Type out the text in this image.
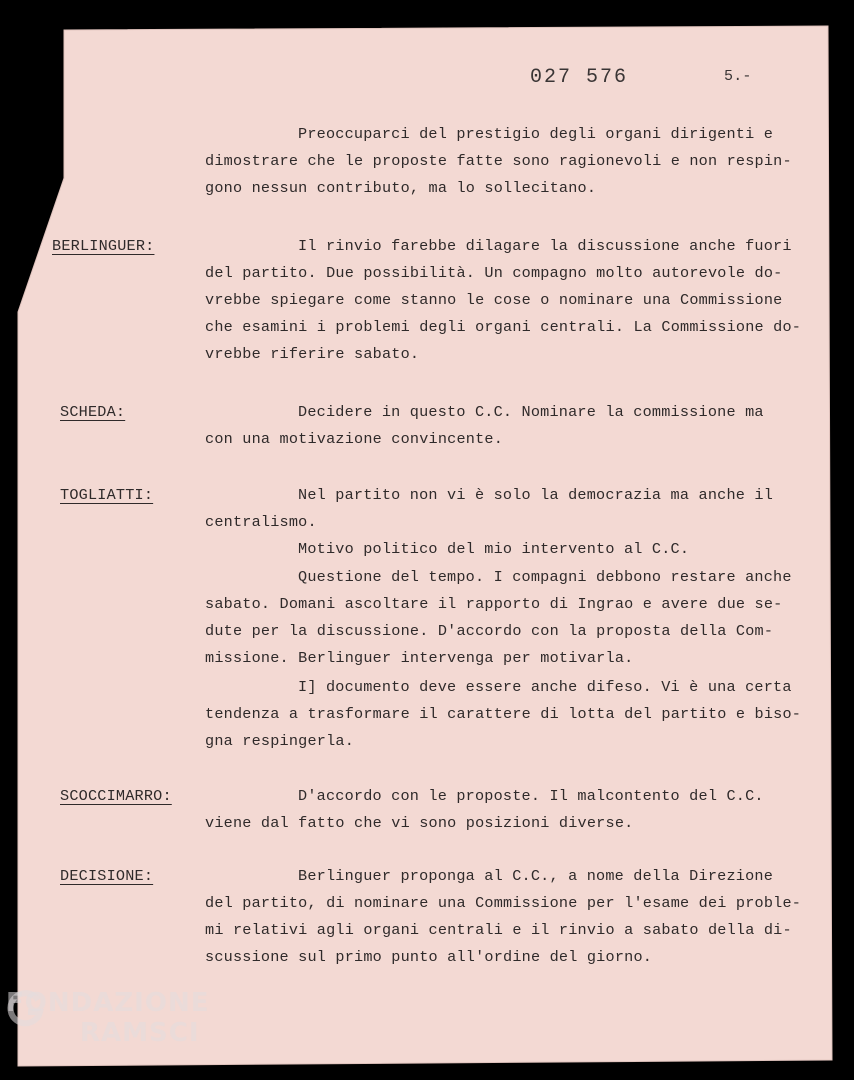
027 576	5.-
Preoccuparci del prestigio degli organi dirigenti e
dimostrare che le proposte fatte sono ragionevoli e non respin-
gono nessun contributo, ma lo sollecitano.
BERLINGUER:	Il rinvio farebbe dilagare la discussione anche fuori
del partito. Due possibilità. Un compagno molto autorevole do-
vrebbe spiegare come stanno le cose o nominare una Commissione
che esamini i problemi degli organi centrali. La Commissione do-
vrebbe riferire sabato.
SCHEDA:	Decidere in questo C.C. Nominare la commissione ma
con una motivazione convincente.
TOGLIATTI:	Nel partito non vi è solo la democrazia ma anche il
centralismo.
Motivo politico del mio intervento al C.C.
Questione del tempo. I compagni debbono restare anche
sabato. Domani ascoltare il rapporto di Ingrao e avere due se-
dute per la discussione. D'accordo con la proposta della Com-
missione. Berlinguer intervenga per motivarla.
I] documento deve essere anche difeso. Vi è una certa
tendenza a trasformare il carattere di lotta del partito e biso-
gna respingerla.
SCOCCIMARRO:	D'accordo con le proposte. Il malcontento del C.C.
viene dal fatto che vi sono posizioni diverse.
DECISIONE:	Berlinguer proponga al C.C., a nome della Direzione
del partito, di nominare una Commissione per l'esame dei proble-
mi relativi agli organi centrali e il rinvio a sabato della di-
scussione sul primo punto all'ordine del giorno.
FONDAZIONE
RAMSCI
